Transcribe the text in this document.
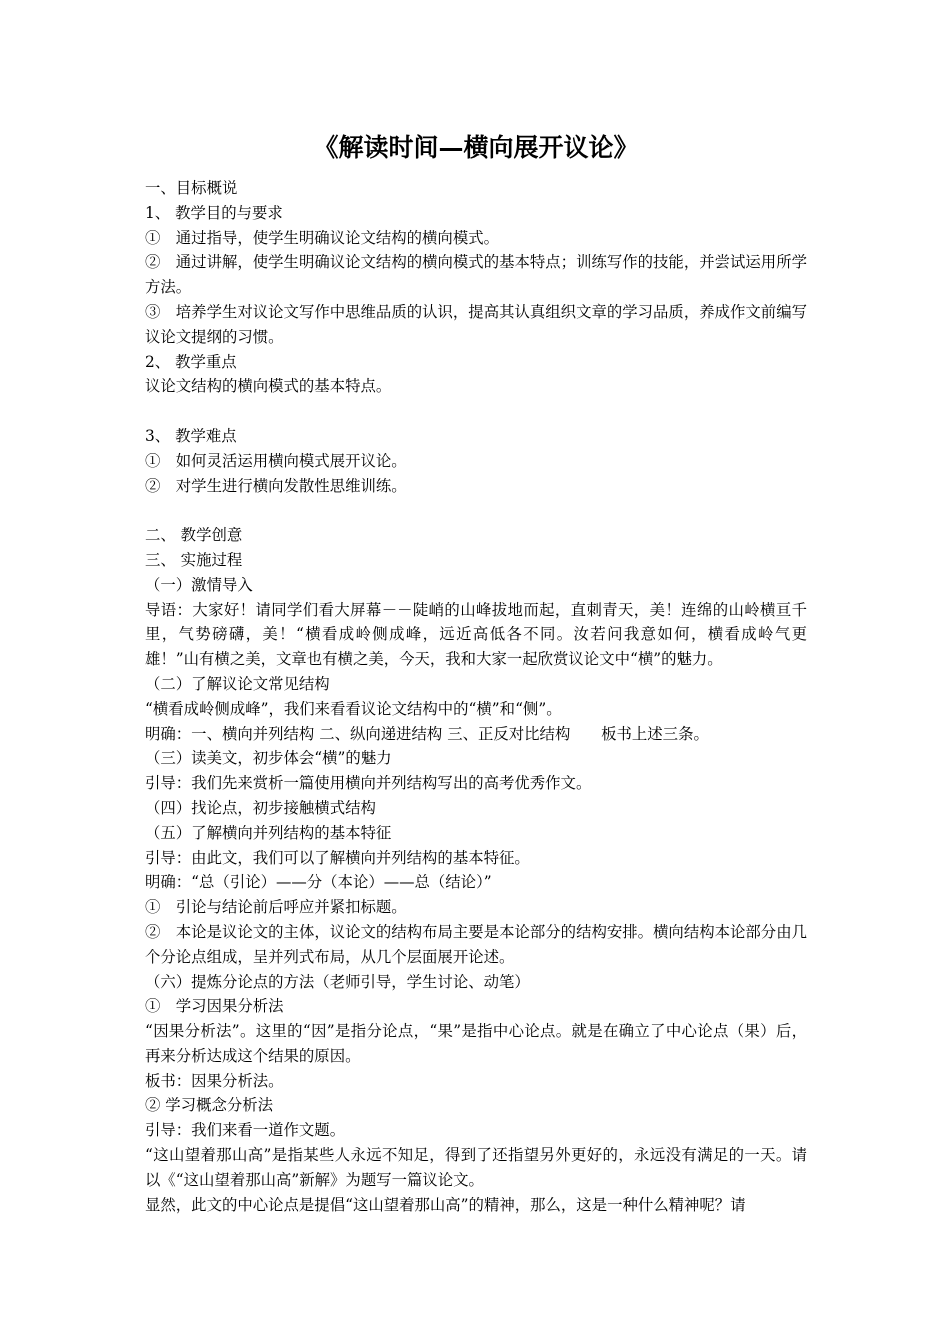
《解读时间—横向展开议论》

一、目标概说

1、 教学目的与要求

①　通过指导，使学生明确议论文结构的横向模式。

②　通过讲解，使学生明确议论文结构的横向模式的基本特点；训练写作的技能，并尝试运用所学方法。

③　培养学生对议论文写作中思维品质的认识，提高其认真组织文章的学习品质，养成作文前编写议论文提纲的习惯。

2、 教学重点

议论文结构的横向模式的基本特点。

3、 教学难点

①　如何灵活运用横向模式展开议论。

②　对学生进行横向发散性思维训练。

二、 教学创意

三、 实施过程

（一）激情导入

导语：大家好！请同学们看大屏幕－－陡峭的山峰拔地而起，直刺青天，美！连绵的山岭横亘千里，气势磅礴，美！“横看成岭侧成峰，远近高低各不同。汝若问我意如何，横看成岭气更雄！”山有横之美，文章也有横之美，今天，我和大家一起欣赏议论文中“横”的魅力。

（二）了解议论文常见结构

“横看成岭侧成峰”，我们来看看议论文结构中的“横”和“侧”。

明确：一、横向并列结构 二、纵向递进结构 三、正反对比结构　　板书上述三条。

（三）读美文，初步体会“横”的魅力

引导：我们先来赏析一篇使用横向并列结构写出的高考优秀作文。

（四）找论点，初步接触横式结构

（五）了解横向并列结构的基本特征

引导：由此文，我们可以了解横向并列结构的基本特征。

明确：“总（引论）——分（本论）——总（结论）”

①　引论与结论前后呼应并紧扣标题。

②　本论是议论文的主体，议论文的结构布局主要是本论部分的结构安排。横向结构本论部分由几个分论点组成，呈并列式布局，从几个层面展开论述。

（六）提炼分论点的方法（老师引导，学生讨论、动笔）

①　学习因果分析法

“因果分析法”。这里的“因”是指分论点，“果”是指中心论点。就是在确立了中心论点（果）后，再来分析达成这个结果的原因。

板书：因果分析法。

② 学习概念分析法

引导：我们来看一道作文题。

“这山望着那山高”是指某些人永远不知足，得到了还指望另外更好的，永远没有满足的一天。请以《“这山望着那山高”新解》为题写一篇议论文。

显然，此文的中心论点是提倡“这山望着那山高”的精神，那么，这是一种什么精神呢？请
